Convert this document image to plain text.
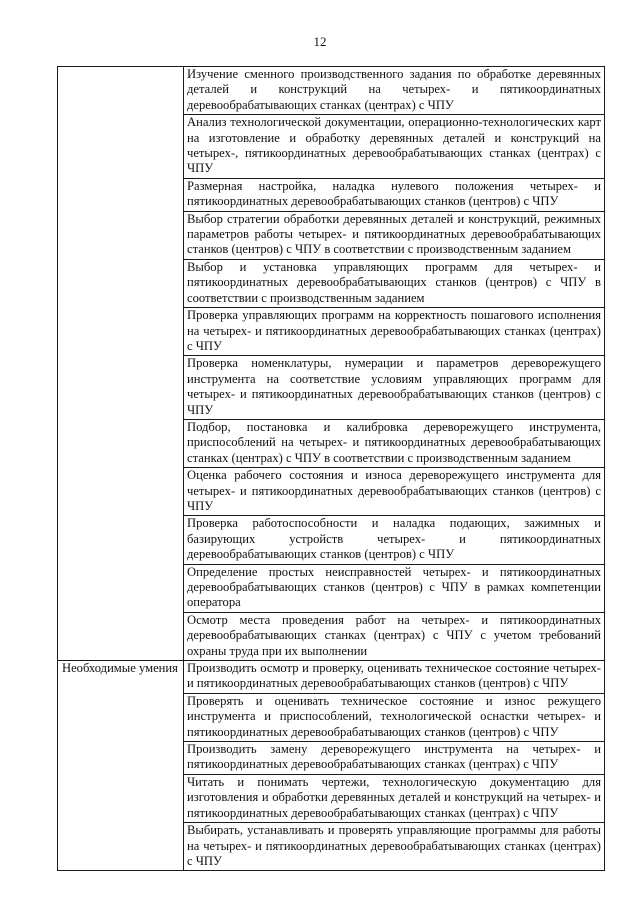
12
	Изучение сменного производственного задания по обработке деревянных деталей и конструкций на четырех- и пятикоординатных деревообрабатывающих станках (центрах) с ЧПУ
	Анализ технологической документации, операционно-технологических карт на изготовление и обработку деревянных деталей и конструкций на четырех-, пятикоординатных деревообрабатывающих станках (центрах) с ЧПУ
	Размерная настройка, наладка нулевого положения четырех- и пятикоординатных деревообрабатывающих станков (центров) с ЧПУ
	Выбор стратегии обработки деревянных деталей и конструкций, режимных параметров работы четырех- и пятикоординатных деревообрабатывающих станков (центров) с ЧПУ в соответствии с производственным заданием
	Выбор и установка управляющих программ для четырех- и пятикоординатных деревообрабатывающих станков (центров) с ЧПУ в соответствии с производственным заданием
	Проверка управляющих программ на корректность пошагового исполнения на четырех- и пятикоординатных деревообрабатывающих станках (центрах) с ЧПУ
	Проверка номенклатуры, нумерации и параметров дереворежущего инструмента на соответствие условиям управляющих программ для четырех- и пятикоординатных деревообрабатывающих станков (центров) с ЧПУ
	Подбор, постановка и калибровка дереворежущего инструмента, приспособлений на четырех- и пятикоординатных деревообрабатывающих станках (центрах) с ЧПУ в соответствии с производственным заданием
	Оценка рабочего состояния и износа дереворежущего инструмента для четырех- и пятикоординатных деревообрабатывающих станков (центров) с ЧПУ
	Проверка работоспособности и наладка подающих, зажимных и базирующих устройств четырех- и пятикоординатных деревообрабатывающих станков (центров) с ЧПУ
	Определение простых неисправностей четырех- и пятикоординатных деревообрабатывающих станков (центров) с ЧПУ в рамках компетенции оператора
	Осмотр места проведения работ на четырех- и пятикоординатных деревообрабатывающих станках (центрах) с ЧПУ с учетом требований охраны труда при их выполнении
Необходимые умения	Производить осмотр и проверку, оценивать техническое состояние четырех- и пятикоординатных деревообрабатывающих станков (центров) с ЧПУ
	Проверять и оценивать техническое состояние и износ режущего инструмента и приспособлений, технологической оснастки четырех- и пятикоординатных деревообрабатывающих станков (центров) с ЧПУ
	Производить замену дереворежущего инструмента на четырех- и пятикоординатных деревообрабатывающих станках (центрах) с ЧПУ
	Читать и понимать чертежи, технологическую документацию для изготовления и обработки деревянных деталей и конструкций на четырех- и пятикоординатных деревообрабатывающих станках (центрах) с ЧПУ
	Выбирать, устанавливать и проверять управляющие программы для работы на четырех- и пятикоординатных деревообрабатывающих станках (центрах) с ЧПУ
